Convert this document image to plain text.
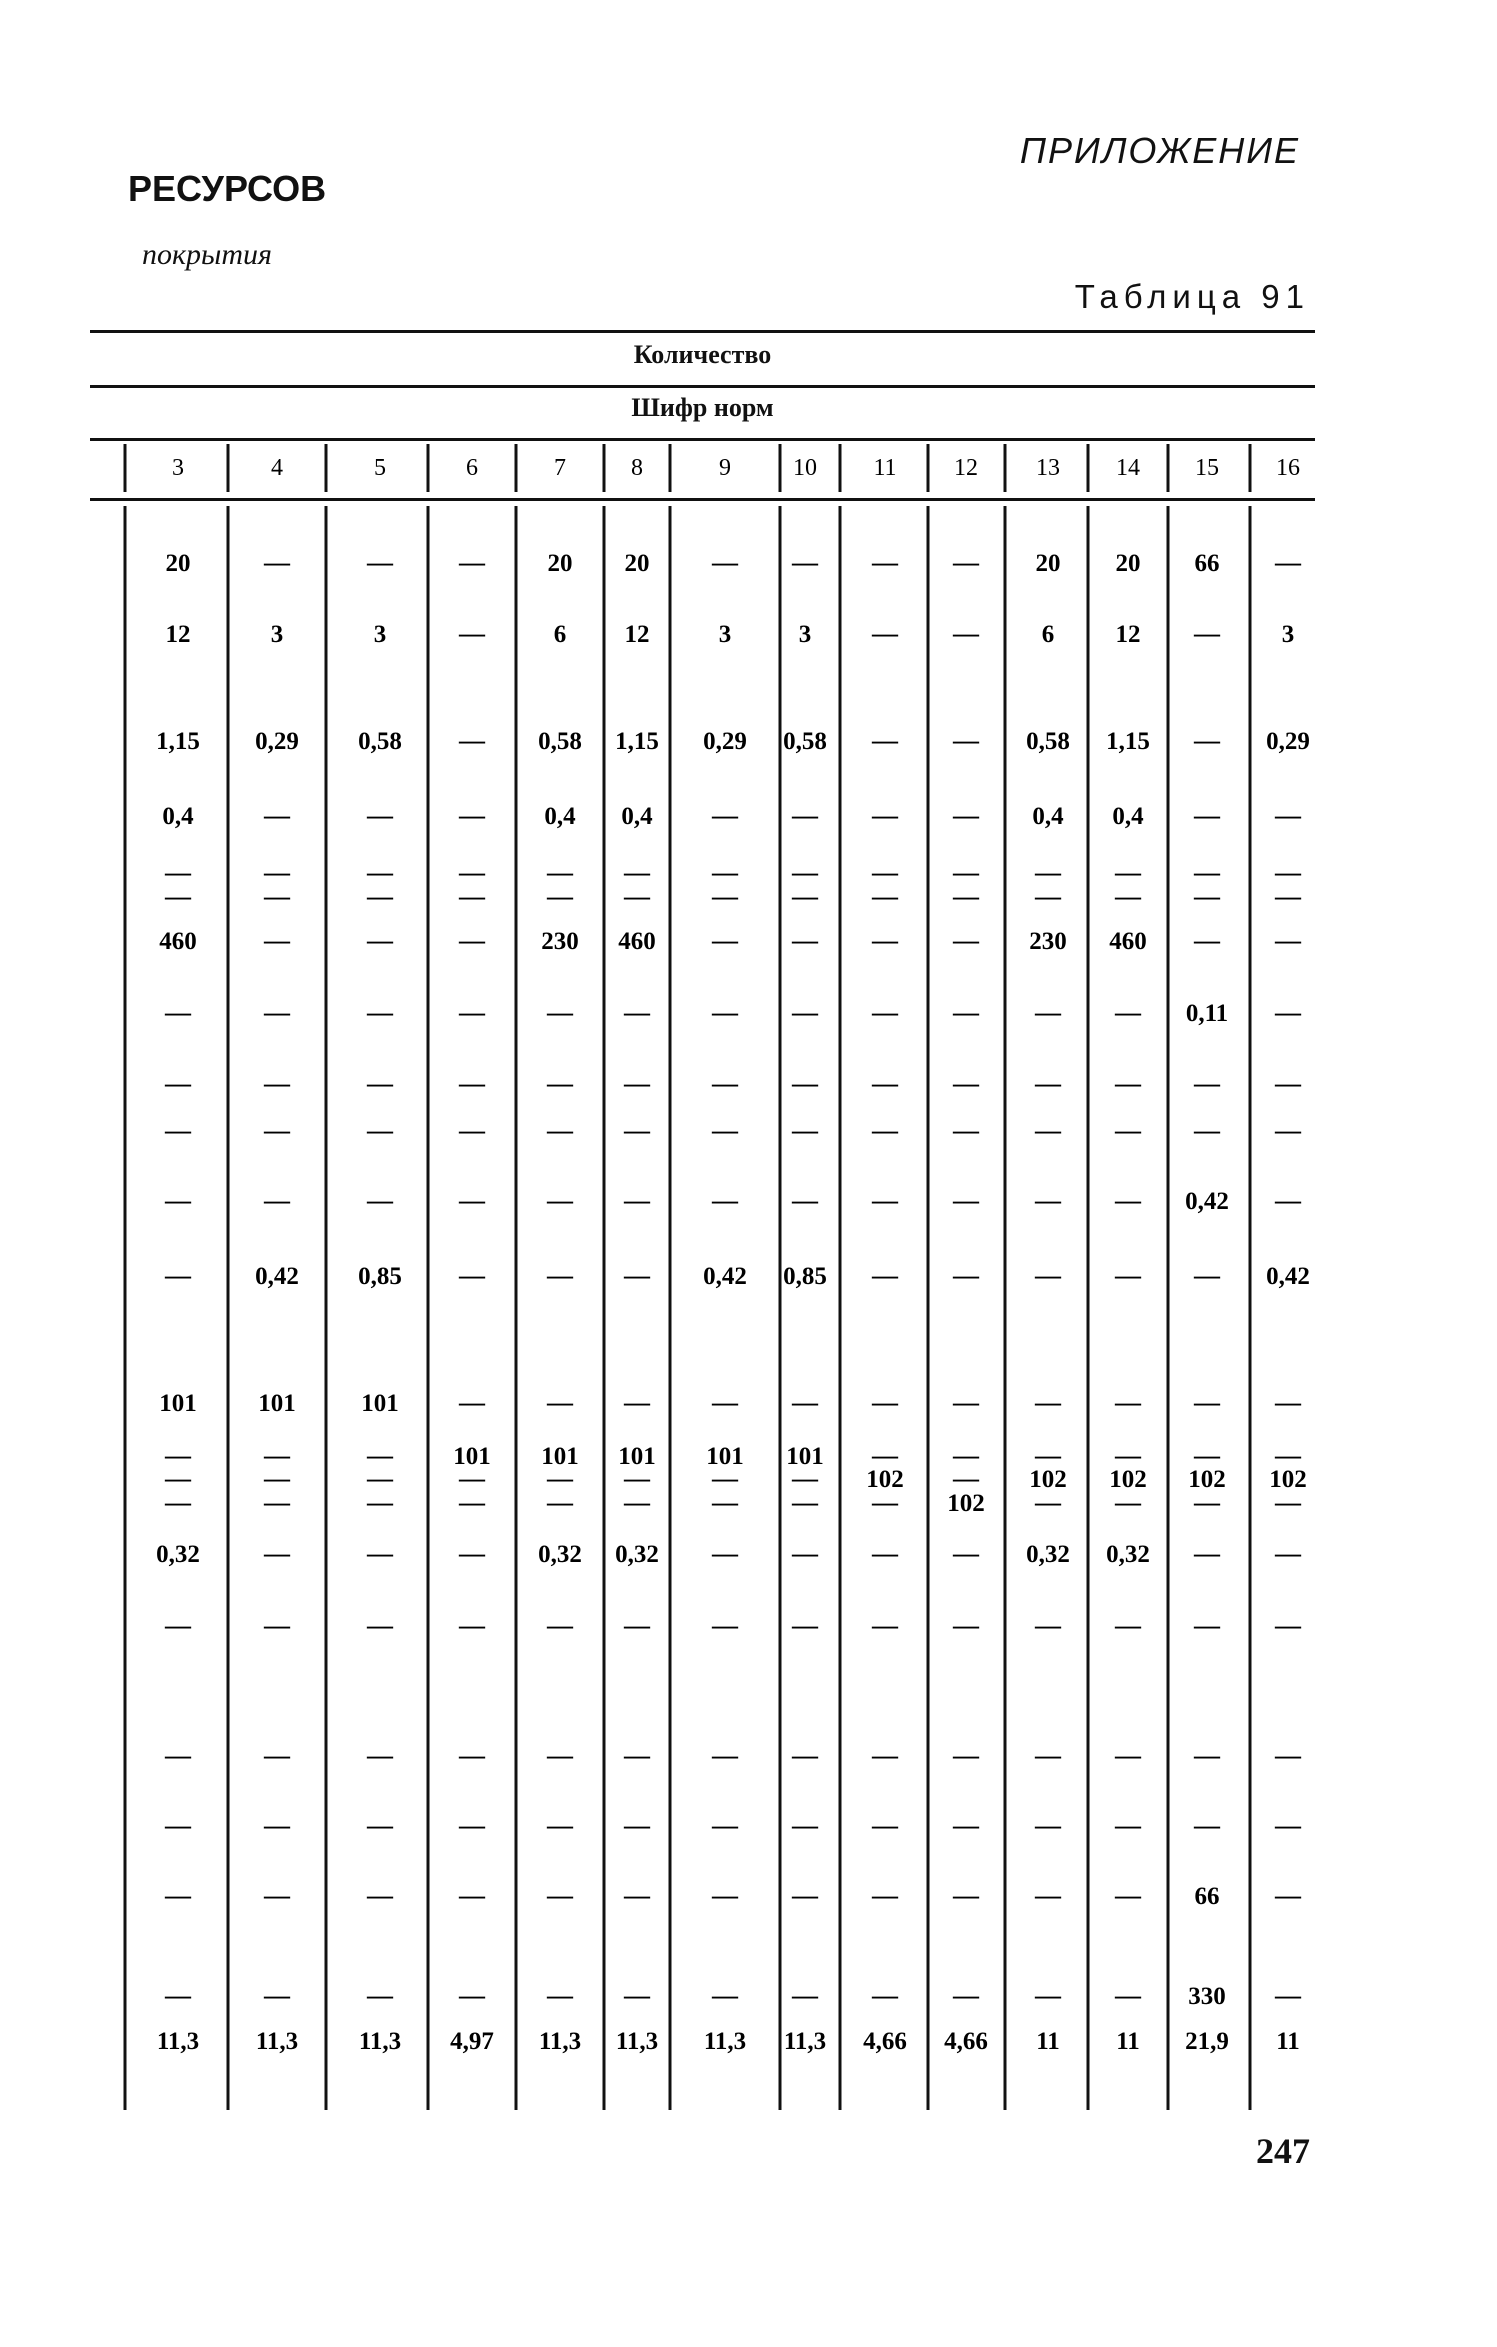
ПРИЛОЖЕНИЕ
РЕСУРСОВ
покрытия
Таблица 91
Количество
Шифр норм
3	4	5	6	7	8	9	10 11 12 13 14 15 16
20	—	—	—	20 20 — — — — 20 20 66 —
12	3	3	—	6 12	3	3 — —	6 12 — 3
1,15 0,29 0,58 — 0,58 1,15 0,29 0,58 — — 0,58 1,15 — 0,29
0,4	—	—	— 0,4 0,4 — — — — 0,4 0,4 — —
—	—	—	— — — — — — — — — — —
—	—	—	— — — — — — — — — — —
460	—	—	— 230 460 — — — — 230 460 — —
—	—	—	— — — — — — — — — 0,11 —
—	—	—	— — — — — — — — — — —
—	—	—	— — — — — — — — — — —
—	—	—	— — — — — — — — — 0,42 —
—	0,42 0,85 — — — 0,42 0,85 — — — — — 0,42
101 101	101 — — — — — — — — — — —
—	—	— 101 101 101 101 101 — — — — — —
—	—	—	— — — — — 102 — 102 102 102 102
—	—	—	— — — — — — 102 — — — —
0,32 —	—	— 0,32 0,32 — — — — 0,32 0,32 — —
—	—	—	— — — — — — — — — — —
—	—	—	— — — — — — — — — — —
—	—	—	— — — — — — — — — — —
—	—	—	— — — — — — — — — 66 —
—	—	—	— — — — — — — — — 330 —
11,3 11,3 11,3 4,97 11,3 11,3 11,3 11,3 4,66 4,66 11 11 21,9 11
247
